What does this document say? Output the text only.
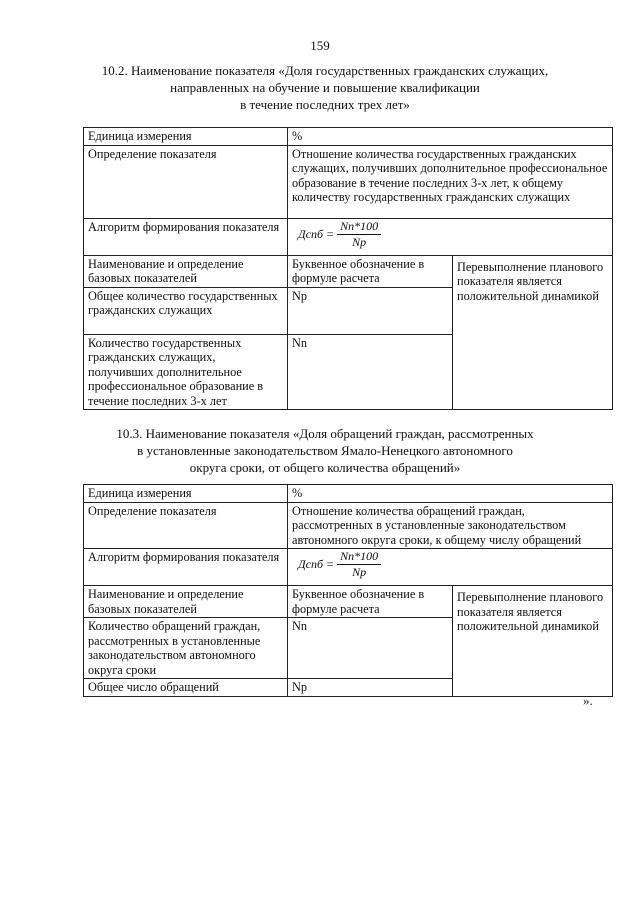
159
10.2. Наименование показателя «Доля государственных гражданских служащих,
направленных на обучение и повышение квалификации
в течение последних трех лет»
Единица измерения	%	
Определение показателя	Отношение количества государственных гражданских служащих, получивших дополнительное профессиональное образование в течение последних 3-х лет, к общему количеству государственных гражданских служащих	
Алгоритм формирования показателя	Дспб = $\frac{Nn*100}{Np}$

Наименование и определение базовых показателей	Буквенное обозначение в формуле расчета	Перевыполнение планового показателя является положительной динамикой
Общее количество государственных гражданских служащих	Np	
Количество государственных гражданских служащих, получивших дополнительное профессиональное образование в течение последних 3-х лет	Nn	
10.3. Наименование показателя «Доля обращений граждан, рассмотренных
в установленные законодательством Ямало-Ненецкого автономного
округа сроки, от общего количества обращений»
Единица измерения	%	
Определение показателя	Отношение количества обращений граждан, рассмотренных в установленные законодательством автономного округа сроки, к общему числу обращений	
Алгоритм формирования показателя	Дспб = $\frac{Nn*100}{Np}$

Наименование и определение базовых показателей	Буквенное обозначение в формуле расчета	Перевыполнение планового показателя является положительной динамикой
Количество обращений граждан, рассмотренных в установленные законодательством автономного округа сроки	Nn	
Общее число обращений	Np	
».
